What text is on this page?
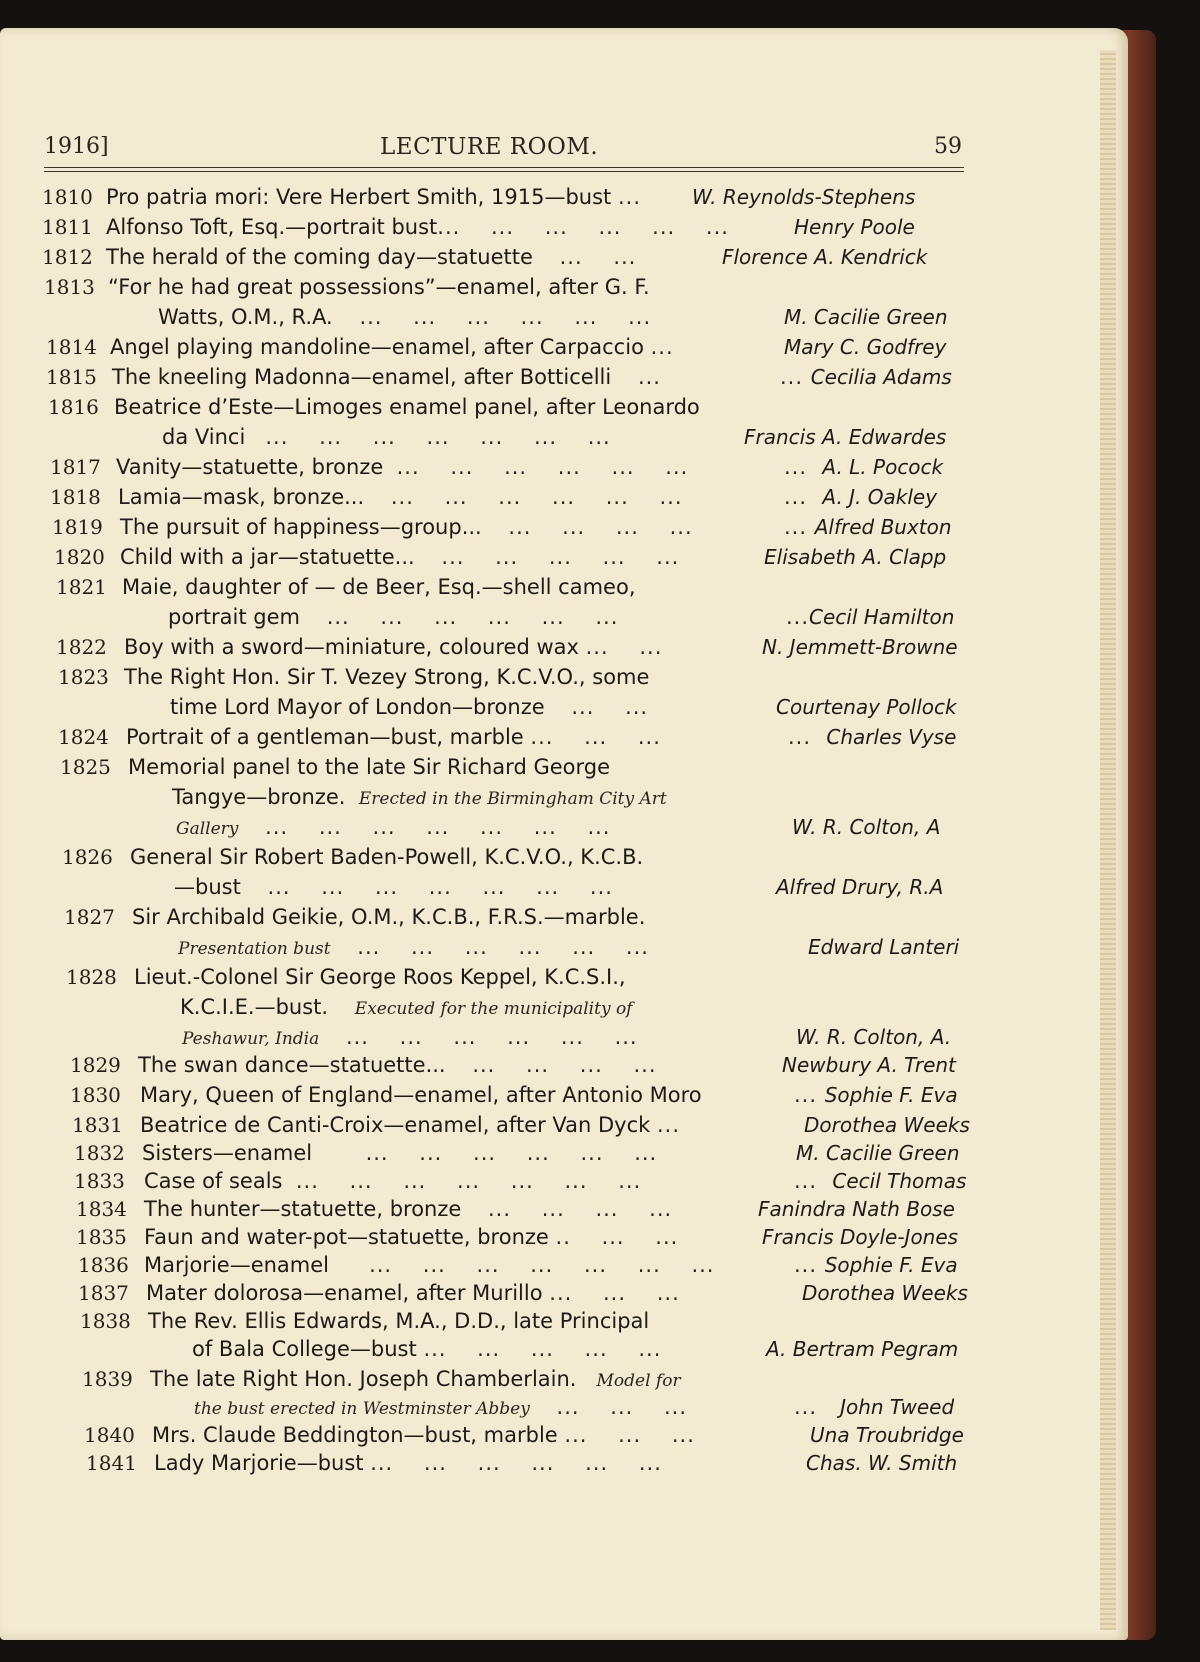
1916]	LECTURE ROOM.	59
1810 Pro patria mori: Vere Herbert Smith, 1915—bust ...	W. Reynolds-Stephens
1811 Alfonso Toft, Esq.—portrait bust...    ...    ...    ...    ...    ...	Henry Poole
1812 The herald of the coming day—statuette ...    ...	Florence A. Kendrick
1813 “For he had great possessions”—enamel, after G. F.
Watts, O.M., R.A. ...    ...    ...    ...    ...    ...	M. Cacilie Green
1814 Angel playing mandoline—enamel, after Carpaccio ...	Mary C. Godfrey
1815 The kneeling Madonna—enamel, after Botticelli ...	... Cecilia Adams
1816 Beatrice d’Este—Limoges enamel panel, after Leonardo
da Vinci ...    ...    ...    ...    ...    ...    ...	Francis A. Edwardes
1817 Vanity—statuette, bronze ...    ...    ...    ...    ...    ...	...  A. L. Pocock
1818 Lamia—mask, bronze... ...    ...    ...    ...    ...    ...	...  A. J. Oakley
1819 The pursuit of happiness—group... ...    ...    ...    ...	... Alfred Buxton
1820 Child with a jar—statuette... ...    ...    ...    ...    ...	Elisabeth A. Clapp
1821 Maie, daughter of — de Beer, Esq.—shell cameo,
portrait gem ...    ...    ...    ...    ...    ...	...Cecil Hamilton
1822 Boy with a sword—miniature, coloured wax ...    ...	N. Jemmett-Browne
1823 The Right Hon. Sir T. Vezey Strong, K.C.V.O., some
time Lord Mayor of London—bronze ...    ...	Courtenay Pollock
1824 Portrait of a gentleman—bust, marble ...    ...    ...	...  Charles Vyse
1825 Memorial panel to the late Sir Richard George
Tangye—bronze. Erected in the Birmingham City Art
Gallery ...    ...    ...    ...    ...    ...    ...	W. R. Colton, A
1826 General Sir Robert Baden-Powell, K.C.V.O., K.C.B.
—bust ...    ...    ...    ...    ...    ...    ...	Alfred Drury, R.A
1827 Sir Archibald Geikie, O.M., K.C.B., F.R.S.—marble.
Presentation bust ...    ...    ...    ...    ...    ...	Edward Lanteri
1828 Lieut.-Colonel Sir George Roos Keppel, K.C.S.I.,
K.C.I.E.—bust. Executed for the municipality of
Peshawur, India ...    ...    ...    ...    ...    ...	W. R. Colton, A.
1829 The swan dance—statuette... ...    ...    ...    ...	Newbury A. Trent
1830 Mary, Queen of England—enamel, after Antonio Moro	... Sophie F. Eva
1831 Beatrice de Canti-Croix—enamel, after Van Dyck ...	Dorothea Weeks
1832 Sisters—enamel	...    ...    ...    ...    ...    ...	M. Cacilie Green
1833 Case of seals ...    ...    ...    ...    ...    ...    ...	...  Cecil Thomas
1834 The hunter—statuette, bronze ...    ...    ...    ...	Fanindra Nath Bose
1835 Faun and water-pot—statuette, bronze ..    ...    ...	Francis Doyle-Jones
1836 Marjorie—enamel ...    ...    ...    ...    ...    ...    ...	... Sophie F. Eva
1837 Mater dolorosa—enamel, after Murillo ...    ...    ...	Dorothea Weeks
1838 The Rev. Ellis Edwards, M.A., D.D., late Principal
of Bala College—bust ...    ...    ...    ...    ...	A. Bertram Pegram
1839 The late Right Hon. Joseph Chamberlain. Model for
the bust erected in Westminster Abbey ...    ...    ...	...   John Tweed
1840 Mrs. Claude Beddington—bust, marble ...    ...    ...	Una Troubridge
1841 Lady Marjorie—bust ...    ...    ...    ...    ...    ...	Chas. W. Smith
